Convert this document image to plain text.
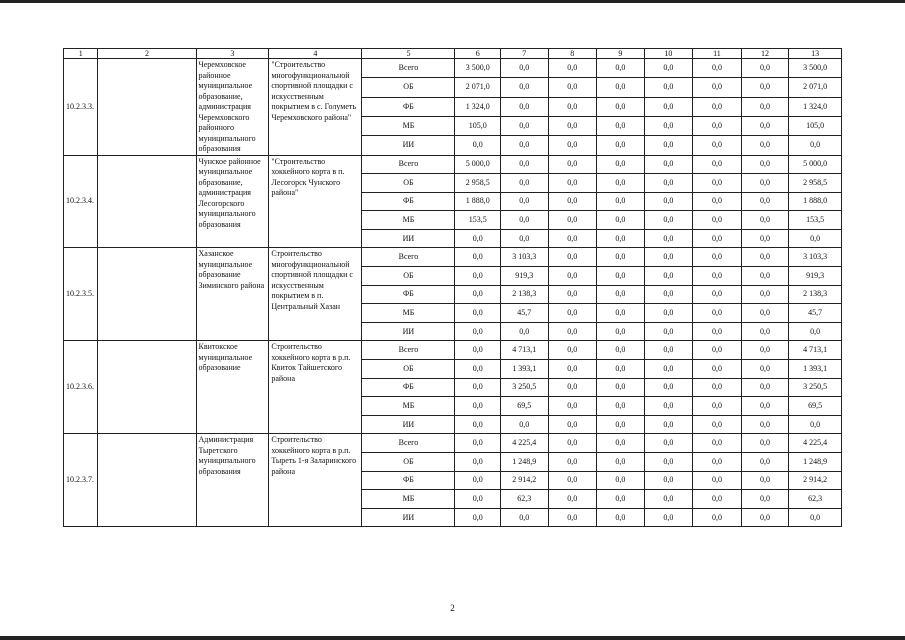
1	2	3	4	5	6	7	8	9	10	11	12	13
10.2.3.3.		Черемховское районное муниципальное образование, администрация Черемховского районного муниципального образования	"Строительство многофункциональной спортивной площадки с искусственным покрытием в с. Голуметь Черемховского района"	Всего	3 500,0	0,0	0,0	0,0	0,0	0,0	0,0	3 500,0
				ОБ	2 071,0	0,0	0,0	0,0	0,0	0,0	0,0	2 071,0
				ФБ	1 324,0	0,0	0,0	0,0	0,0	0,0	0,0	1 324,0
				МБ	105,0	0,0	0,0	0,0	0,0	0,0	0,0	105,0
				ИИ	0,0	0,0	0,0	0,0	0,0	0,0	0,0	0,0
10.2.3.4.		Чунское районное муниципальное образование, администрация Лесогорского муниципального образования	"Строительство хоккейного корта в п. Лесогорск Чунского района"	Всего	5 000,0	0,0	0,0	0,0	0,0	0,0	0,0	5 000,0
				ОБ	2 958,5	0,0	0,0	0,0	0,0	0,0	0,0	2 958,5
				ФБ	1 888,0	0,0	0,0	0,0	0,0	0,0	0,0	1 888,0
				МБ	153,5	0,0	0,0	0,0	0,0	0,0	0,0	153,5
				ИИ	0,0	0,0	0,0	0,0	0,0	0,0	0,0	0,0
10.2.3.5.		Хазанское муниципальное образование Зиминского района	Строительство многофункциональной спортивной площадки с искусственным покрытием в п. Центральный Хазан	Всего	0,0	3 103,3	0,0	0,0	0,0	0,0	0,0	3 103,3
				ОБ	0,0	919,3	0,0	0,0	0,0	0,0	0,0	919,3
				ФБ	0,0	2 138,3	0,0	0,0	0,0	0,0	0,0	2 138,3
				МБ	0,0	45,7	0,0	0,0	0,0	0,0	0,0	45,7
				ИИ	0,0	0,0	0,0	0,0	0,0	0,0	0,0	0,0
10.2.3.6.		Квитокское муниципальное образование	Строительство хоккейного корта в р.п. Квиток Тайшетского района	Всего	0,0	4 713,1	0,0	0,0	0,0	0,0	0,0	4 713,1
				ОБ	0,0	1 393,1	0,0	0,0	0,0	0,0	0,0	1 393,1
				ФБ	0,0	3 250,5	0,0	0,0	0,0	0,0	0,0	3 250,5
				МБ	0,0	69,5	0,0	0,0	0,0	0,0	0,0	69,5
				ИИ	0,0	0,0	0,0	0,0	0,0	0,0	0,0	0,0
10.2.3.7.		Администрация Тыретского муниципального образования	Строительство хоккейного корта в р.п. Тыреть 1-я Заларинского района	Всего	0,0	4 225,4	0,0	0,0	0,0	0,0	0,0	4 225,4
				ОБ	0,0	1 248,9	0,0	0,0	0,0	0,0	0,0	1 248,9
				ФБ	0,0	2 914,2	0,0	0,0	0,0	0,0	0,0	2 914,2
				МБ	0,0	62,3	0,0	0,0	0,0	0,0	0,0	62,3
				ИИ	0,0	0,0	0,0	0,0	0,0	0,0	0,0	0,0
2
